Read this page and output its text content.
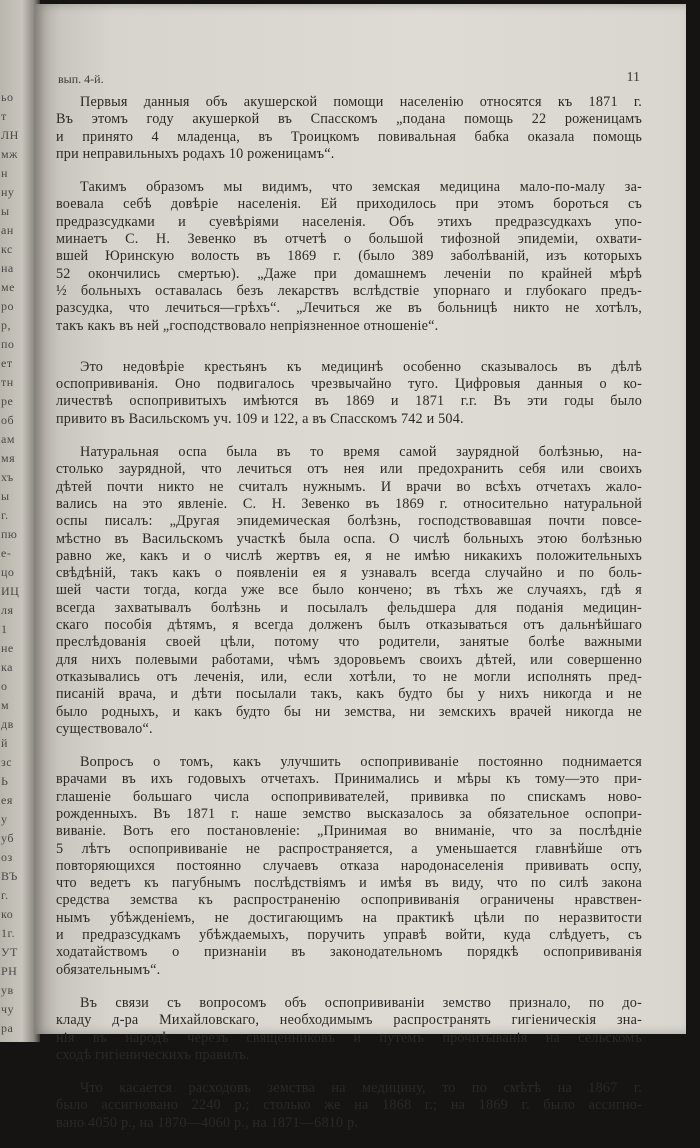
ьо
т
ЛН
мж
н
ну
ы
ан
кс
на
ме
ро
р,
по
ет
тн
ре
об
ам
мя
хъ
ы
г.
пю
е-
цо
ИЦ
ля
1
не
ка
о
м
дв
й
зс
Ь
ея
у
уб
оз
ВЪ
г.
ко
1г.
УТ
РН
ув
чу
ра
вып. 4-й.	11
Первыя данныя объ акушерской помощи населенію относятся къ 1871 г.
Въ этомъ году акушеркой въ Спасскомъ „подана помощь 22 роженицамъ
и принято 4 младенца, въ Троицкомъ повивальная бабка оказала помощь
при неправильныхъ родахъ 10 роженицамъ“.
Такимъ образомъ мы видимъ, что земская медицина мало-по-малу за-
воевала себѣ довѣріе населенія. Ей приходилось при этомъ бороться съ
предразсудками и суевѣріями населенія. Объ этихъ предразсудкахъ упо-
минаетъ С. Н. Зевенко въ отчетѣ о большой тифозной эпидеміи, охвати-
вшей Юринскую волость въ 1869 г. (было 389 заболѣваній, изъ которыхъ
52 окончились смертью). „Даже при домашнемъ леченіи по крайней мѣрѣ
½ больныхъ оставалась безъ лекарствъ вслѣдствіе упорнаго и глубокаго предъ-
разсудка, что лечиться—грѣхъ“. „Лечиться же въ больницѣ никто не хотѣлъ,
такъ какъ въ ней „господствовало непріязненное отношеніе“.
Это недовѣріе крестьянъ къ медицинѣ особенно сказывалось въ дѣлѣ
оспопрививанія. Оно подвигалось чрезвычайно туго. Цифровыя данныя о ко-
личествѣ оспопривитыхъ имѣются въ 1869 и 1871 г.г. Въ эти годы было
привито въ Васильскомъ уч. 109 и 122, а въ Спасскомъ 742 и 504.
Натуральная оспа была въ то время самой заурядной болѣзнью, на-
столько заурядной, что лечиться отъ нея или предохранить себя или своихъ
дѣтей почти никто не считалъ нужнымъ. И врачи во всѣхъ отчетахъ жало-
вались на это явленіе. С. Н. Зевенко въ 1869 г. относительно натуральной
оспы писалъ: „Другая эпидемическая болѣзнь, господствовавшая почти повсе-
мѣстно въ Васильскомъ участкѣ была оспа. О числѣ больныхъ этою болѣзнью
равно же, какъ и о числѣ жертвъ ея, я не имѣю никакихъ положительныхъ
свѣдѣній, такъ какъ о появленіи ея я узнавалъ всегда случайно и по боль-
шей части тогда, когда уже все было кончено; въ тѣхъ же случаяхъ, гдѣ я
всегда захватывалъ болѣзнь и посылалъ фельдшера для поданія медицин-
скаго пособія дѣтямъ, я всегда долженъ былъ отказываться отъ дальнѣйшаго
преслѣдованія своей цѣли, потому что родители, занятые болѣе важными
для нихъ полевыми работами, чѣмъ здоровьемъ своихъ дѣтей, или совершенно
отказывались отъ леченія, или, если хотѣли, то не могли исполнять пред-
писаній врача, и дѣти посылали такъ, какъ будто бы у нихъ никогда и не
было родныхъ, и какъ будто бы ни земства, ни земскихъ врачей никогда не
существовало“.
Вопросъ о томъ, какъ улучшить оспопрививаніе постоянно поднимается
врачами въ ихъ годовыхъ отчетахъ. Принимались и мѣры къ тому—это при-
глашеніе большаго числа оспопрививателей, прививка по спискамъ ново-
рожденныхъ. Въ 1871 г. наше земство высказалось за обязательное оспопри-
виваніе. Вотъ его постановленіе: „Принимая во вниманіе, что за послѣдніе
5 лѣтъ оспопрививаніе не распространяется, а уменьшается главнѣйше отъ
повторяющихся постоянно случаевъ отказа народонаселенія прививать оспу,
что ведетъ къ пагубнымъ послѣдствіямъ и имѣя въ виду, что по силѣ закона
средства земства къ распространенію оспопрививанія ограничены нравствен-
нымъ убѣжденіемъ, не достигающимъ на практикѣ цѣли по неразвитости
и предразсудкамъ убѣждаемыхъ, поручить управѣ войти, куда слѣдуетъ, съ
ходатайствомъ о признаніи въ законодательномъ порядкѣ оспопрививанія
обязательнымъ“.
Въ связи съ вопросомъ объ оспопрививаніи земство признало, по до-
кладу д-ра Михайловскаго, необходимымъ распространять гигіеническія зна-
нія въ народѣ черезъ священниковъ и путемъ прочитыванія на сельскомъ
сходѣ гигіеническихъ правилъ.
Что касается расходовъ земства на медицину, то по смѣтѣ на 1867 г.
было ассигновано 2240 р.; столько же на 1868 г.; на 1869 г. было ассигно-
вано 4050 р., на 1870—4060 р., на 1871—6810 р.
